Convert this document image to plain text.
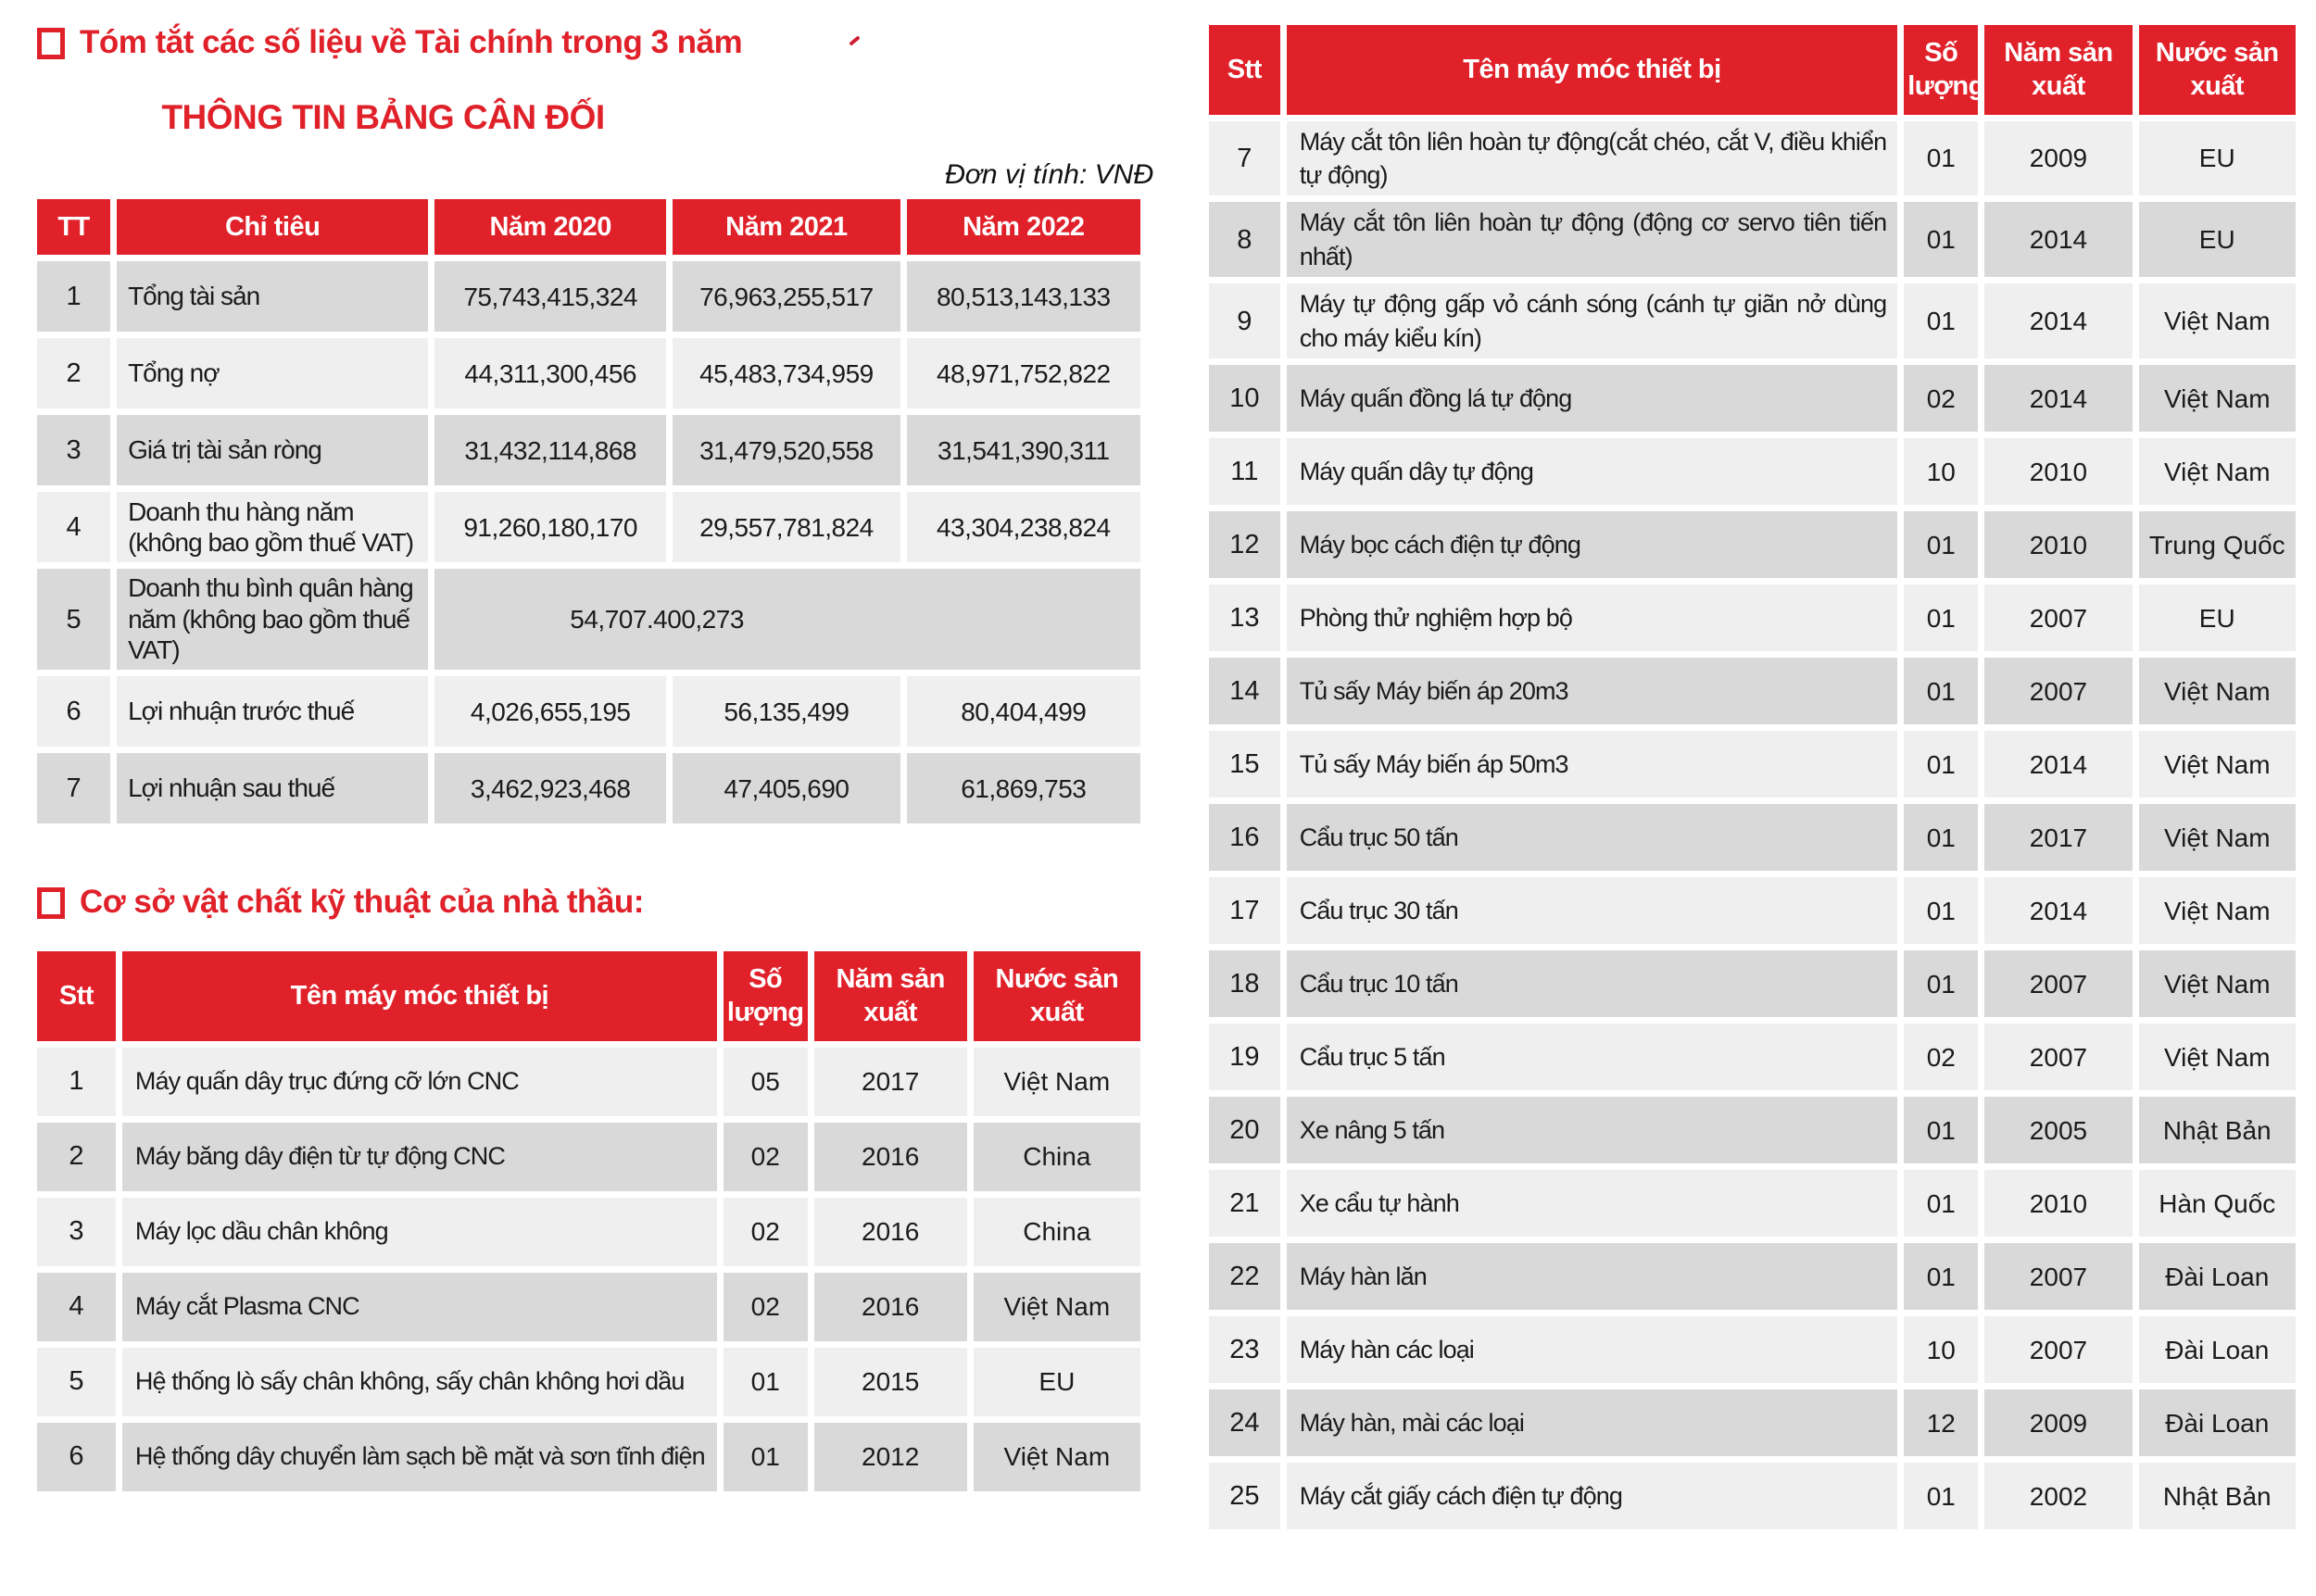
Tóm tắt các số liệu về Tài chính trong 3 năm
THÔNG TIN BẢNG CÂN ĐỐI
Đơn vị tính: VNĐ
TT	Chỉ tiêu	Năm 2020	Năm 2021	Năm 2022
1	Tổng tài sản	75,743,415,324	76,963,255,517	80,513,143,133
2	Tổng nợ	44,311,300,456	45,483,734,959	48,971,752,822
3	Giá trị tài sản ròng	31,432,114,868	31,479,520,558	31,541,390,311
4	Doanh thu hàng năm (không bao gồm thuế VAT)	91,260,180,170	29,557,781,824	43,304,238,824
5	Doanh thu bình quân hàng năm (không bao gồm thuế VAT)	54,707.400,273		
6	Lợi nhuận trước thuế	4,026,655,195	56,135,499	80,404,499
7	Lợi nhuận sau thuế	3,462,923,468	47,405,690	61,869,753
Cơ sở vật chất kỹ thuật của nhà thầu:
Stt	Tên máy móc thiết bị	Số lượng	Năm sản xuất	Nước sản xuất
1	Máy quấn dây trục đứng cỡ lớn CNC	05	2017	Việt Nam
2	Máy băng dây điện từ tự động CNC	02	2016	China
3	Máy lọc dầu chân không	02	2016	China
4	Máy cắt Plasma CNC	02	2016	Việt Nam
5	Hệ thống lò sấy chân không, sấy chân không hơi dầu	01	2015	EU
6	Hệ thống dây chuyển làm sạch bề mặt và sơn tĩnh điện	01	2012	Việt Nam
Stt	Tên máy móc thiết bị	Số lượng	Năm sản xuất	Nước sản xuất
7	Máy cắt tôn liên hoàn tự động(cắt chéo, cắt V, điều khiển tự động)	01	2009	EU
8	Máy cắt tôn liên hoàn tự động (động cơ servo tiên tiến nhất)	01	2014	EU
9	Máy tự động gấp vỏ cánh sóng (cánh tự giãn nở dùng cho máy kiểu kín)	01	2014	Việt Nam
10	Máy quấn đồng lá tự động	02	2014	Việt Nam
11	Máy quấn dây tự động	10	2010	Việt Nam
12	Máy bọc cách điện tự động	01	2010	Trung Quốc
13	Phòng thử nghiệm hợp bộ	01	2007	EU
14	Tủ sấy Máy biến áp 20m3	01	2007	Việt Nam
15	Tủ sấy Máy biến áp 50m3	01	2014	Việt Nam
16	Cẩu trục 50 tấn	01	2017	Việt Nam
17	Cẩu trục 30 tấn	01	2014	Việt Nam
18	Cẩu trục 10 tấn	01	2007	Việt Nam
19	Cẩu trục 5 tấn	02	2007	Việt Nam
20	Xe nâng 5 tấn	01	2005	Nhật Bản
21	Xe cẩu tự hành	01	2010	Hàn Quốc
22	Máy hàn lăn	01	2007	Đài Loan
23	Máy hàn các loại	10	2007	Đài Loan
24	Máy hàn, mài các loại	12	2009	Đài Loan
25	Máy cắt giấy cách điện tự động	01	2002	Nhật Bản
